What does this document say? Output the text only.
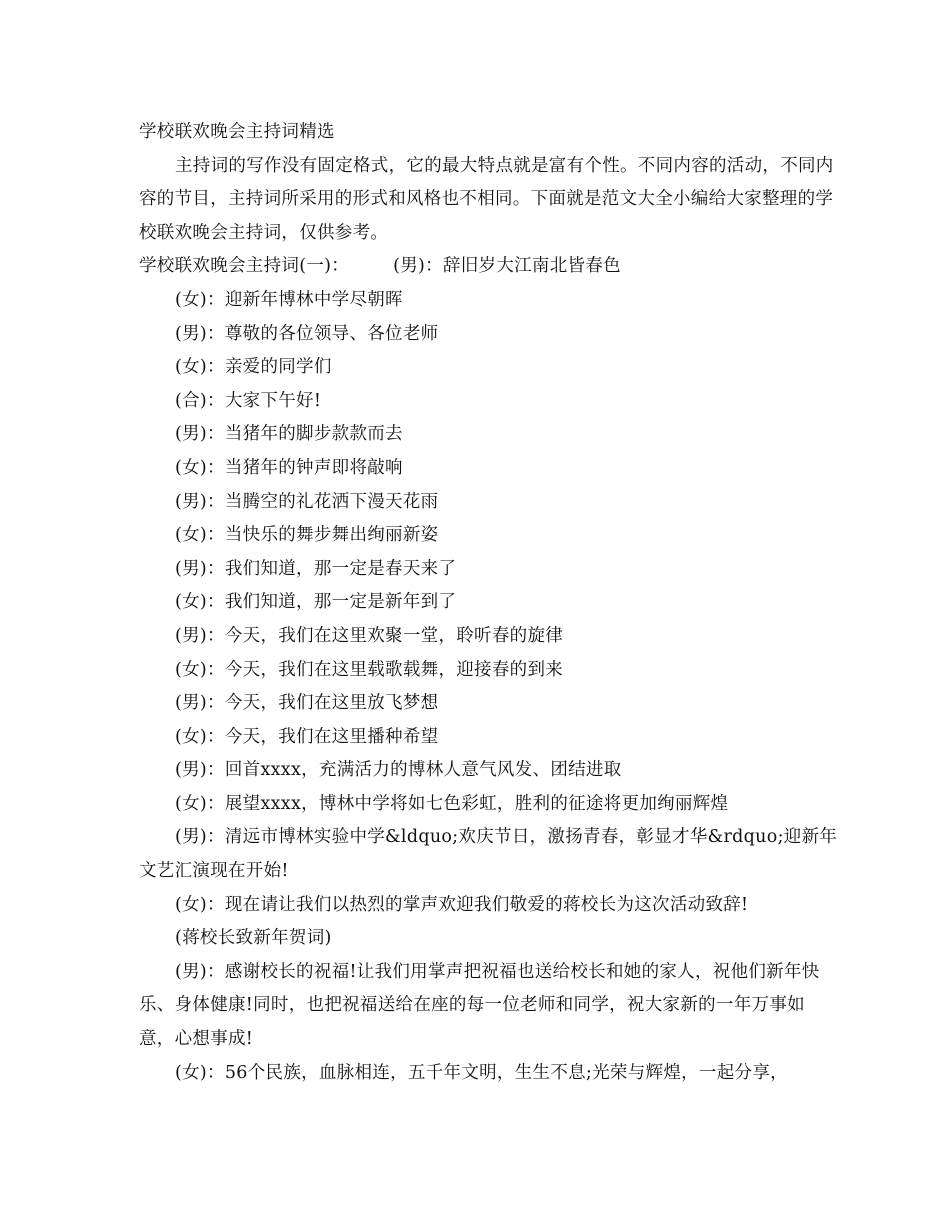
学校联欢晚会主持词精选

主持词的写作没有固定格式，它的最大特点就是富有个性。不同内容的活动，不同内容的节目，主持词所采用的形式和风格也不相同。下面就是范文大全小编给大家整理的学校联欢晚会主持词，仅供参考。

学校联欢晚会主持词(一)：	(男)：辞旧岁大江南北皆春色

(女)：迎新年博林中学尽朝晖

(男)：尊敬的各位领导、各位老师

(女)：亲爱的同学们

(合)：大家下午好!

(男)：当猪年的脚步款款而去

(女)：当猪年的钟声即将敲响

(男)：当腾空的礼花洒下漫天花雨

(女)：当快乐的舞步舞出绚丽新姿

(男)：我们知道，那一定是春天来了

(女)：我们知道，那一定是新年到了

(男)：今天，我们在这里欢聚一堂，聆听春的旋律

(女)：今天，我们在这里载歌载舞，迎接春的到来

(男)：今天，我们在这里放飞梦想

(女)：今天，我们在这里播种希望

(男)：回首xxxx，充满活力的博林人意气风发、团结进取

(女)：展望xxxx，博林中学将如七色彩虹，胜利的征途将更加绚丽辉煌

(男)：清远市博林实验中学&ldquo;欢庆节日，激扬青春，彰显才华&rdquo;迎新年文艺汇演现在开始!

(女)：现在请让我们以热烈的掌声欢迎我们敬爱的蒋校长为这次活动致辞!

(蒋校长致新年贺词)

(男)：感谢校长的祝福!让我们用掌声把祝福也送给校长和她的家人，祝他们新年快乐、身体健康!同时，也把祝福送给在座的每一位老师和同学，祝大家新的一年万事如意，心想事成!

(女)：56个民族，血脉相连，五千年文明，生生不息;光荣与辉煌，一起分享，
